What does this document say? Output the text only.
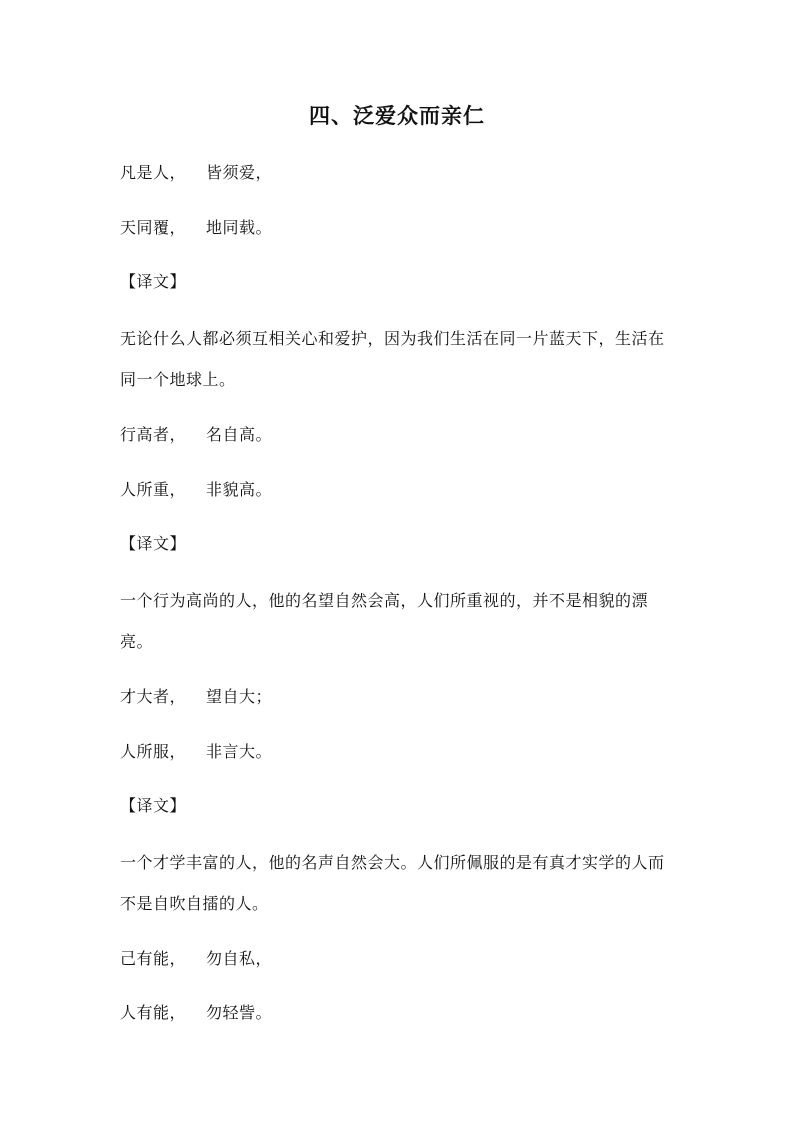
四、泛爱众而亲仁
凡是人， 皆须爱，
天同覆， 地同载。
【译文】
无论什么人都必须互相关心和爱护，因为我们生活在同一片蓝天下，生活在同一个地球上。
行高者， 名自高。
人所重， 非貌高。
【译文】
一个行为高尚的人，他的名望自然会高，人们所重视的，并不是相貌的漂亮。
才大者， 望自大；
人所服， 非言大。
【译文】
一个才学丰富的人，他的名声自然会大。人们所佩服的是有真才实学的人而不是自吹自擂的人。
己有能， 勿自私，
人有能， 勿轻訾。
